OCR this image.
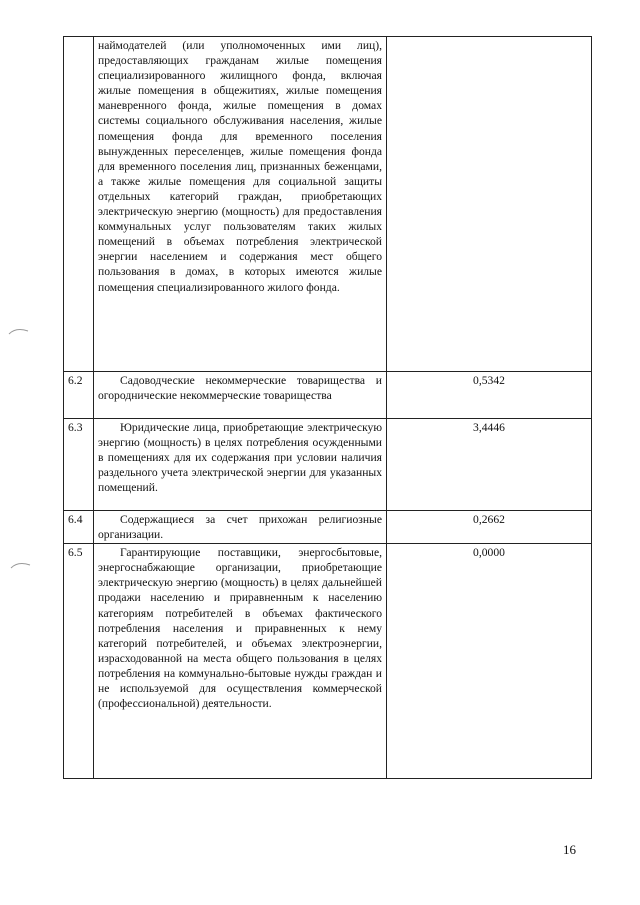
	наймодателей (или уполномоченных ими лиц), предоставляющих гражданам жилые помещения специализированного жилищного фонда, включая жилые помещения в общежитиях, жилые помещения маневренного фонда, жилые помещения в домах системы социального обслуживания населения, жилые помещения фонда для временного поселения вынужденных переселенцев, жилые помещения фонда для временного поселения лиц, признанных беженцами, а также жилые помещения для социальной защиты отдельных категорий граждан, приобретающих электрическую энергию (мощность) для предоставления коммунальных услуг пользователям таких жилых помещений в объемах потребления электрической энергии населением и содержания мест общего пользования в домах, в которых имеются жилые помещения специализированного жилого фонда.	

6.2	Садоводческие некоммерческие товарищества и огороднические некоммерческие товарищества	0,5342
6.3	Юридические лица, приобретающие электрическую энергию (мощность) в целях потребления осужденными в помещениях для их содержания при условии наличия раздельного учета электрической энергии для указанных помещений.	3,4446
6.4	Содержащиеся за счет прихожан религиозные организации.	0,2662
6.5	Гарантирующие поставщики, энергосбытовые, энергоснабжающие организации, приобретающие электрическую энергию (мощность) в целях дальнейшей продажи населению и приравненным к населению категориям потребителей в объемах фактического потребления населения и приравненных к нему категорий потребителей, и объемах электроэнергии, израсходованной на места общего пользования в целях потребления на коммунально-бытовые нужды граждан и не используемой для осуществления коммерческой (профессиональной) деятельности.	0,0000
16
